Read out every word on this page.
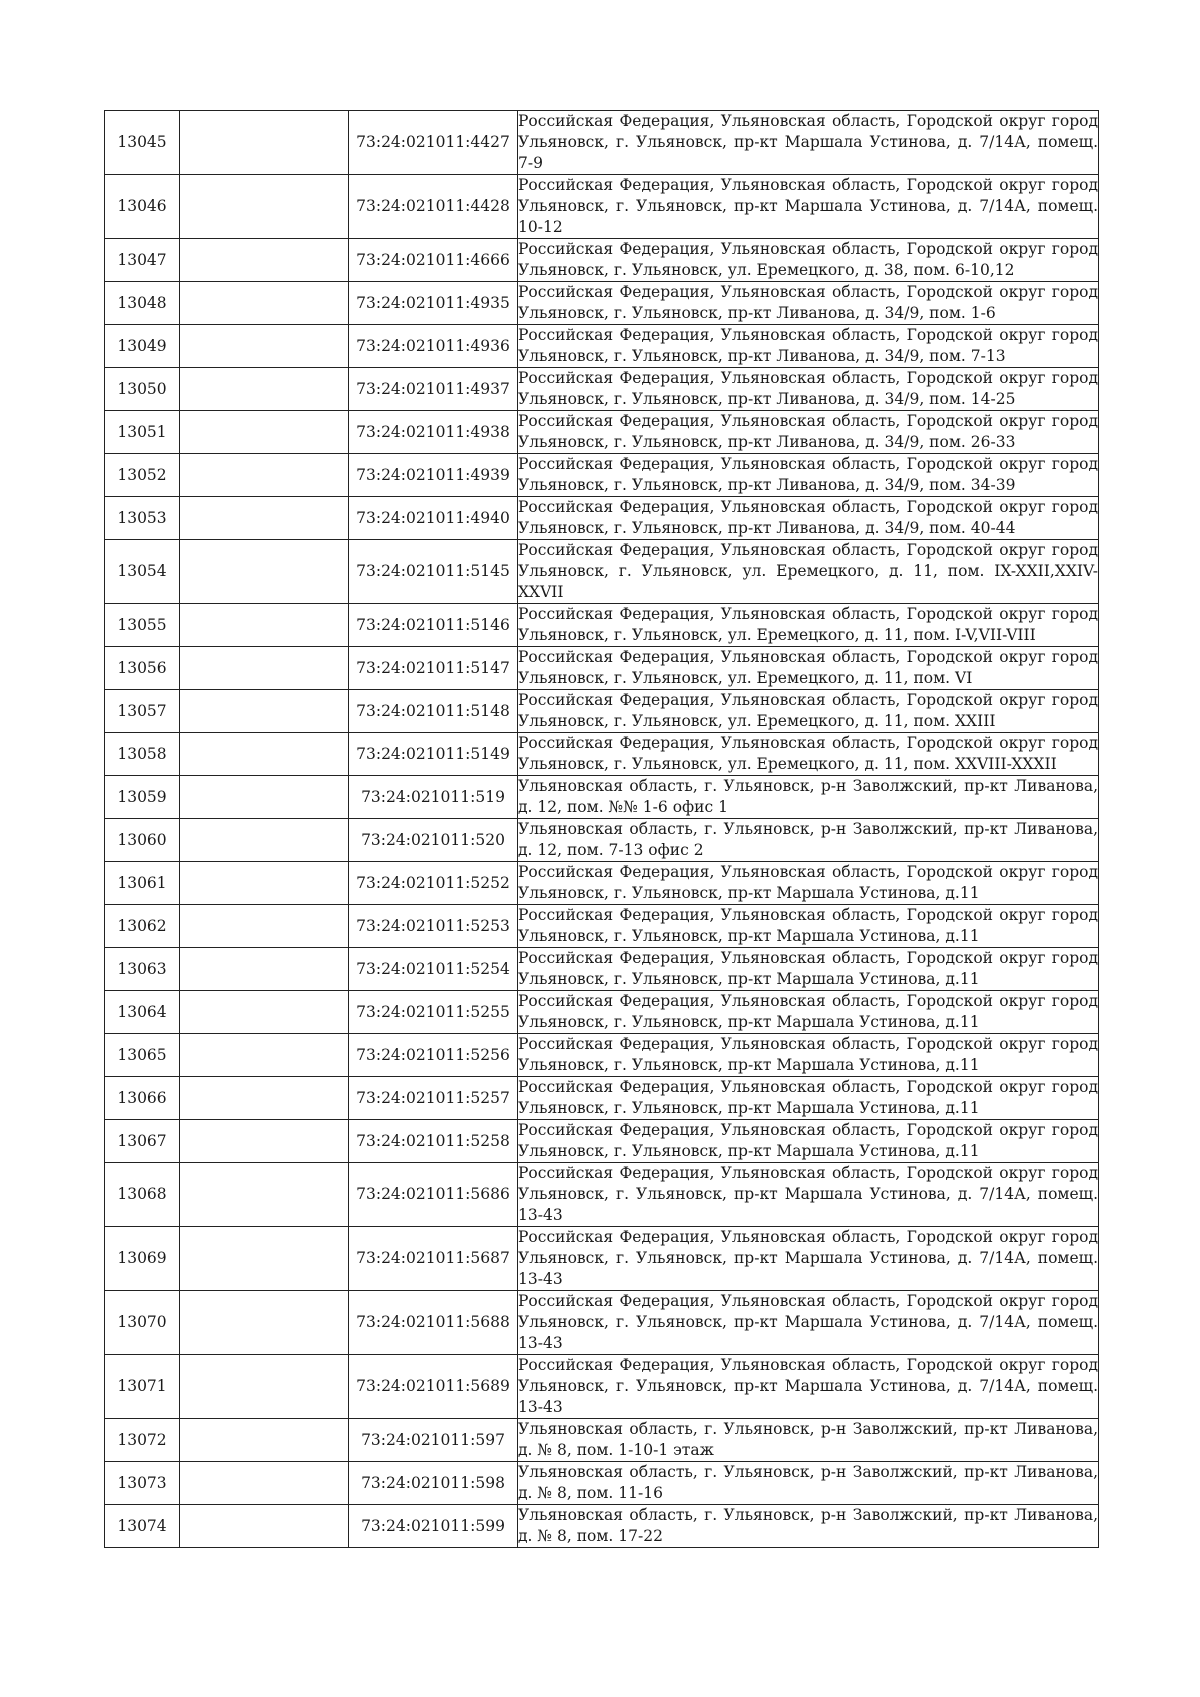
13045		73:24:021011:4427	Российская Федерация, Ульяновская область, Городской округ город Ульяновск, г. Ульяновск, пр-кт Маршала Устинова, д. 7/14А, помещ. 7-9
13046		73:24:021011:4428	Российская Федерация, Ульяновская область, Городской округ город Ульяновск, г. Ульяновск, пр-кт Маршала Устинова, д. 7/14А, помещ. 10-12
13047		73:24:021011:4666	Российская Федерация, Ульяновская область, Городской округ город Ульяновск, г. Ульяновск, ул. Еремецкого, д. 38, пом. 6-10,12
13048		73:24:021011:4935	Российская Федерация, Ульяновская область, Городской округ город Ульяновск, г. Ульяновск, пр-кт Ливанова, д. 34/9, пом. 1-6
13049		73:24:021011:4936	Российская Федерация, Ульяновская область, Городской округ город Ульяновск, г. Ульяновск, пр-кт Ливанова, д. 34/9, пом. 7-13
13050		73:24:021011:4937	Российская Федерация, Ульяновская область, Городской округ город Ульяновск, г. Ульяновск, пр-кт Ливанова, д. 34/9, пом. 14-25
13051		73:24:021011:4938	Российская Федерация, Ульяновская область, Городской округ город Ульяновск, г. Ульяновск, пр-кт Ливанова, д. 34/9, пом. 26-33
13052		73:24:021011:4939	Российская Федерация, Ульяновская область, Городской округ город Ульяновск, г. Ульяновск, пр-кт Ливанова, д. 34/9, пом. 34-39
13053		73:24:021011:4940	Российская Федерация, Ульяновская область, Городской округ город Ульяновск, г. Ульяновск, пр-кт Ливанова, д. 34/9, пом. 40-44
13054		73:24:021011:5145	Российская Федерация, Ульяновская область, Городской округ город Ульяновск, г. Ульяновск, ул. Еремецкого, д. 11, пом. IX-XXII,XXIV-XXVII
13055		73:24:021011:5146	Российская Федерация, Ульяновская область, Городской округ город Ульяновск, г. Ульяновск, ул. Еремецкого, д. 11, пом. I-V,VII-VIII
13056		73:24:021011:5147	Российская Федерация, Ульяновская область, Городской округ город Ульяновск, г. Ульяновск, ул. Еремецкого, д. 11, пом. VI
13057		73:24:021011:5148	Российская Федерация, Ульяновская область, Городской округ город Ульяновск, г. Ульяновск, ул. Еремецкого, д. 11, пом. XXIII
13058		73:24:021011:5149	Российская Федерация, Ульяновская область, Городской округ город Ульяновск, г. Ульяновск, ул. Еремецкого, д. 11, пом. XXVIII-XXXII
13059		73:24:021011:519	Ульяновская область, г. Ульяновск, р-н Заволжский, пр-кт Ливанова, д. 12, пом. №№ 1-6 офис 1
13060		73:24:021011:520	Ульяновская область, г. Ульяновск, р-н Заволжский, пр-кт Ливанова, д. 12, пом. 7-13 офис 2
13061		73:24:021011:5252	Российская Федерация, Ульяновская область, Городской округ город Ульяновск, г. Ульяновск, пр-кт Маршала Устинова, д.11
13062		73:24:021011:5253	Российская Федерация, Ульяновская область, Городской округ город Ульяновск, г. Ульяновск, пр-кт Маршала Устинова, д.11
13063		73:24:021011:5254	Российская Федерация, Ульяновская область, Городской округ город Ульяновск, г. Ульяновск, пр-кт Маршала Устинова, д.11
13064		73:24:021011:5255	Российская Федерация, Ульяновская область, Городской округ город Ульяновск, г. Ульяновск, пр-кт Маршала Устинова, д.11
13065		73:24:021011:5256	Российская Федерация, Ульяновская область, Городской округ город Ульяновск, г. Ульяновск, пр-кт Маршала Устинова, д.11
13066		73:24:021011:5257	Российская Федерация, Ульяновская область, Городской округ город Ульяновск, г. Ульяновск, пр-кт Маршала Устинова, д.11
13067		73:24:021011:5258	Российская Федерация, Ульяновская область, Городской округ город Ульяновск, г. Ульяновск, пр-кт Маршала Устинова, д.11
13068		73:24:021011:5686	Российская Федерация, Ульяновская область, Городской округ город Ульяновск, г. Ульяновск, пр-кт Маршала Устинова, д. 7/14А, помещ. 13-43
13069		73:24:021011:5687	Российская Федерация, Ульяновская область, Городской округ город Ульяновск, г. Ульяновск, пр-кт Маршала Устинова, д. 7/14А, помещ. 13-43
13070		73:24:021011:5688	Российская Федерация, Ульяновская область, Городской округ город Ульяновск, г. Ульяновск, пр-кт Маршала Устинова, д. 7/14А, помещ. 13-43
13071		73:24:021011:5689	Российская Федерация, Ульяновская область, Городской округ город Ульяновск, г. Ульяновск, пр-кт Маршала Устинова, д. 7/14А, помещ. 13-43
13072		73:24:021011:597	Ульяновская область, г. Ульяновск, р-н Заволжский, пр-кт Ливанова, д. № 8, пом. 1-10-1 этаж
13073		73:24:021011:598	Ульяновская область, г. Ульяновск, р-н Заволжский, пр-кт Ливанова, д. № 8, пом. 11-16
13074		73:24:021011:599	Ульяновская область, г. Ульяновск, р-н Заволжский, пр-кт Ливанова, д. № 8, пом. 17-22
